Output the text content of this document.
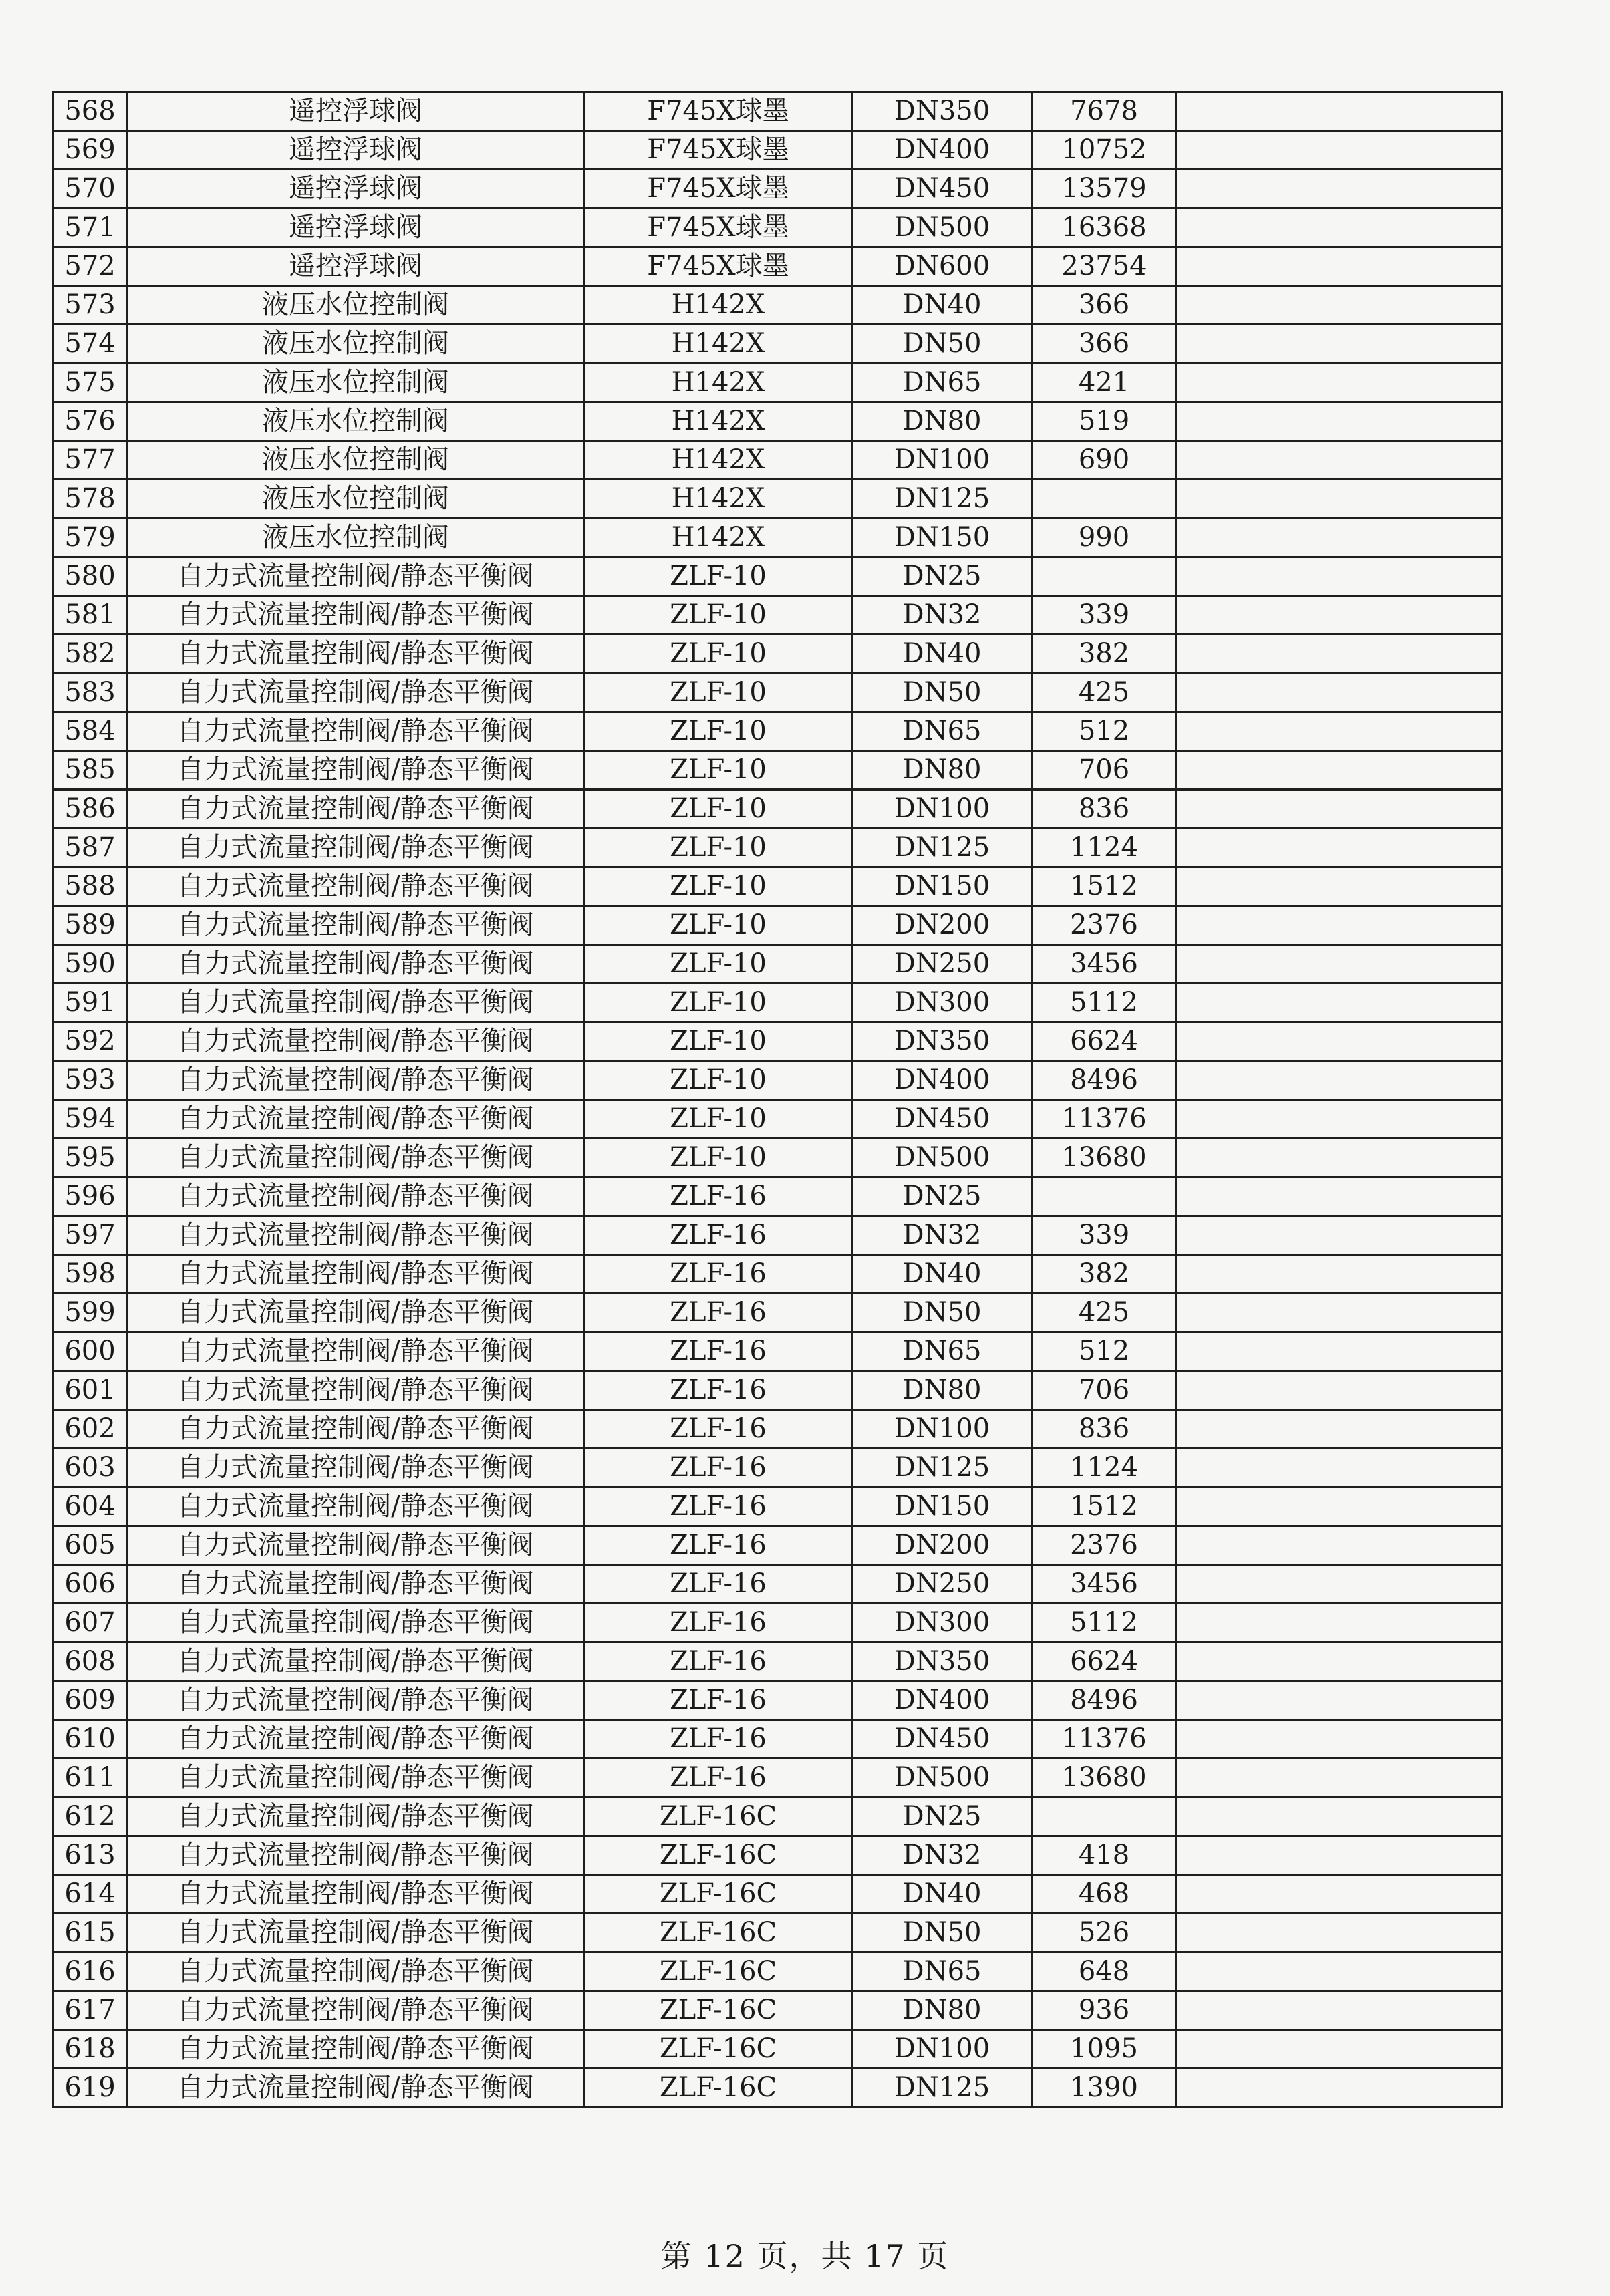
568	遥控浮球阀	F745X球墨	DN350	7678	
569	遥控浮球阀	F745X球墨	DN400	10752	
570	遥控浮球阀	F745X球墨	DN450	13579	
571	遥控浮球阀	F745X球墨	DN500	16368	
572	遥控浮球阀	F745X球墨	DN600	23754	
573	液压水位控制阀	H142X	DN40	366	
574	液压水位控制阀	H142X	DN50	366	
575	液压水位控制阀	H142X	DN65	421	
576	液压水位控制阀	H142X	DN80	519	
577	液压水位控制阀	H142X	DN100	690	
578	液压水位控制阀	H142X	DN125		
579	液压水位控制阀	H142X	DN150	990	
580	自力式流量控制阀/静态平衡阀	ZLF-10	DN25		
581	自力式流量控制阀/静态平衡阀	ZLF-10	DN32	339	
582	自力式流量控制阀/静态平衡阀	ZLF-10	DN40	382	
583	自力式流量控制阀/静态平衡阀	ZLF-10	DN50	425	
584	自力式流量控制阀/静态平衡阀	ZLF-10	DN65	512	
585	自力式流量控制阀/静态平衡阀	ZLF-10	DN80	706	
586	自力式流量控制阀/静态平衡阀	ZLF-10	DN100	836	
587	自力式流量控制阀/静态平衡阀	ZLF-10	DN125	1124	
588	自力式流量控制阀/静态平衡阀	ZLF-10	DN150	1512	
589	自力式流量控制阀/静态平衡阀	ZLF-10	DN200	2376	
590	自力式流量控制阀/静态平衡阀	ZLF-10	DN250	3456	
591	自力式流量控制阀/静态平衡阀	ZLF-10	DN300	5112	
592	自力式流量控制阀/静态平衡阀	ZLF-10	DN350	6624	
593	自力式流量控制阀/静态平衡阀	ZLF-10	DN400	8496	
594	自力式流量控制阀/静态平衡阀	ZLF-10	DN450	11376	
595	自力式流量控制阀/静态平衡阀	ZLF-10	DN500	13680	
596	自力式流量控制阀/静态平衡阀	ZLF-16	DN25		
597	自力式流量控制阀/静态平衡阀	ZLF-16	DN32	339	
598	自力式流量控制阀/静态平衡阀	ZLF-16	DN40	382	
599	自力式流量控制阀/静态平衡阀	ZLF-16	DN50	425	
600	自力式流量控制阀/静态平衡阀	ZLF-16	DN65	512	
601	自力式流量控制阀/静态平衡阀	ZLF-16	DN80	706	
602	自力式流量控制阀/静态平衡阀	ZLF-16	DN100	836	
603	自力式流量控制阀/静态平衡阀	ZLF-16	DN125	1124	
604	自力式流量控制阀/静态平衡阀	ZLF-16	DN150	1512	
605	自力式流量控制阀/静态平衡阀	ZLF-16	DN200	2376	
606	自力式流量控制阀/静态平衡阀	ZLF-16	DN250	3456	
607	自力式流量控制阀/静态平衡阀	ZLF-16	DN300	5112	
608	自力式流量控制阀/静态平衡阀	ZLF-16	DN350	6624	
609	自力式流量控制阀/静态平衡阀	ZLF-16	DN400	8496	
610	自力式流量控制阀/静态平衡阀	ZLF-16	DN450	11376	
611	自力式流量控制阀/静态平衡阀	ZLF-16	DN500	13680	
612	自力式流量控制阀/静态平衡阀	ZLF-16C	DN25		
613	自力式流量控制阀/静态平衡阀	ZLF-16C	DN32	418	
614	自力式流量控制阀/静态平衡阀	ZLF-16C	DN40	468	
615	自力式流量控制阀/静态平衡阀	ZLF-16C	DN50	526	
616	自力式流量控制阀/静态平衡阀	ZLF-16C	DN65	648	
617	自力式流量控制阀/静态平衡阀	ZLF-16C	DN80	936	
618	自力式流量控制阀/静态平衡阀	ZLF-16C	DN100	1095	
619	自力式流量控制阀/静态平衡阀	ZLF-16C	DN125	1390	
第 12 页，共 17 页
